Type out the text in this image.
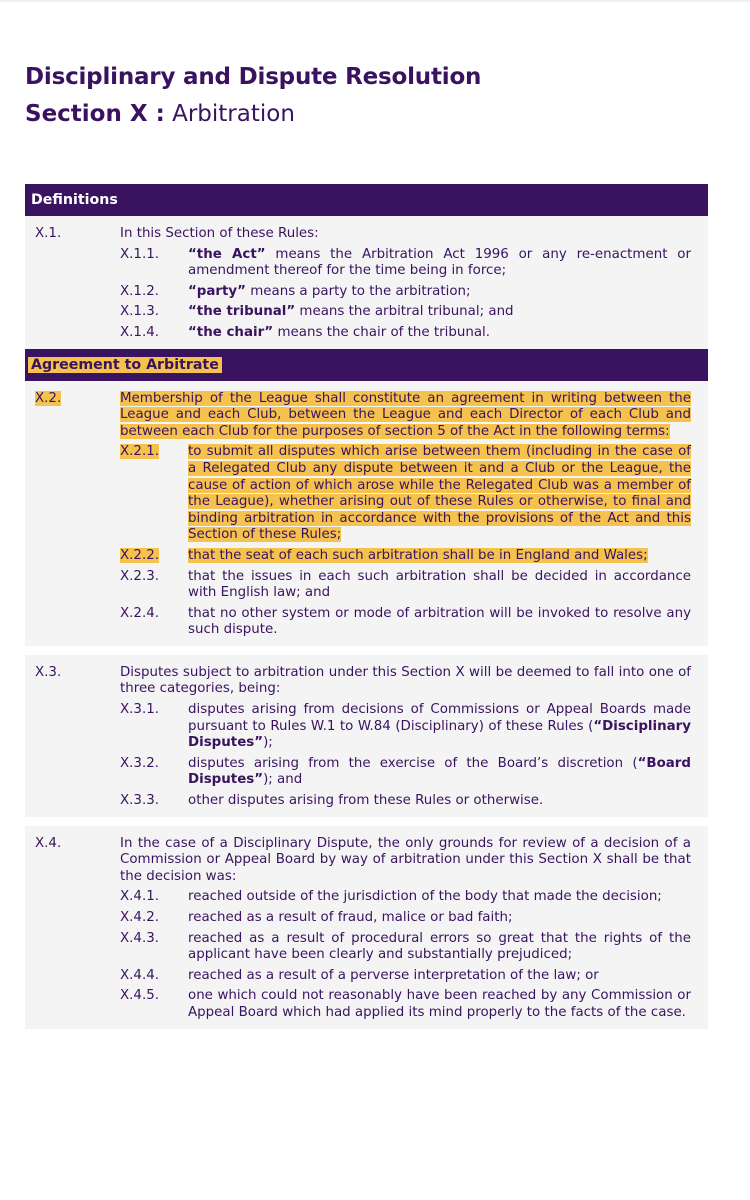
Disciplinary and Dispute Resolution
Section X : Arbitration
Definitions
X.1.	In this Section of these Rules:
X.1.1.	“the Act” means the Arbitration Act 1996 or any re-enactment or amendment thereof for the time being in force;
X.1.2.	“party” means a party to the arbitration;
X.1.3.	“the tribunal” means the arbitral tribunal; and
X.1.4.	“the chair” means the chair of the tribunal.
Agreement to Arbitrate
X.2.	Membership of the League shall constitute an agreement in writing between the League and each Club, between the League and each Director of each Club and between each Club for the purposes of section 5 of the Act in the following terms:
X.2.1.	to submit all disputes which arise between them (including in the case of a Relegated Club any dispute between it and a Club or the League, the cause of action of which arose while the Relegated Club was a member of the League), whether arising out of these Rules or otherwise, to final and binding arbitration in accordance with the provisions of the Act and this Section of these Rules;
X.2.2.	that the seat of each such arbitration shall be in England and Wales;
X.2.3.	that the issues in each such arbitration shall be decided in accordance with English law; and
X.2.4.	that no other system or mode of arbitration will be invoked to resolve any such dispute.
X.3.	Disputes subject to arbitration under this Section X will be deemed to fall into one of three categories, being:
X.3.1.	disputes arising from decisions of Commissions or Appeal Boards made pursuant to Rules W.1 to W.84 (Disciplinary) of these Rules (“Disciplinary Disputes”);
X.3.2.	disputes arising from the exercise of the Board’s discretion (“Board Disputes”); and
X.3.3.	other disputes arising from these Rules or otherwise.
X.4.	In the case of a Disciplinary Dispute, the only grounds for review of a decision of a Commission or Appeal Board by way of arbitration under this Section X shall be that the decision was:
X.4.1.	reached outside of the jurisdiction of the body that made the decision;
X.4.2.	reached as a result of fraud, malice or bad faith;
X.4.3.	reached as a result of procedural errors so great that the rights of the applicant have been clearly and substantially prejudiced;
X.4.4.	reached as a result of a perverse interpretation of the law; or
X.4.5.	one which could not reasonably have been reached by any Commission or Appeal Board which had applied its mind properly to the facts of the case.
